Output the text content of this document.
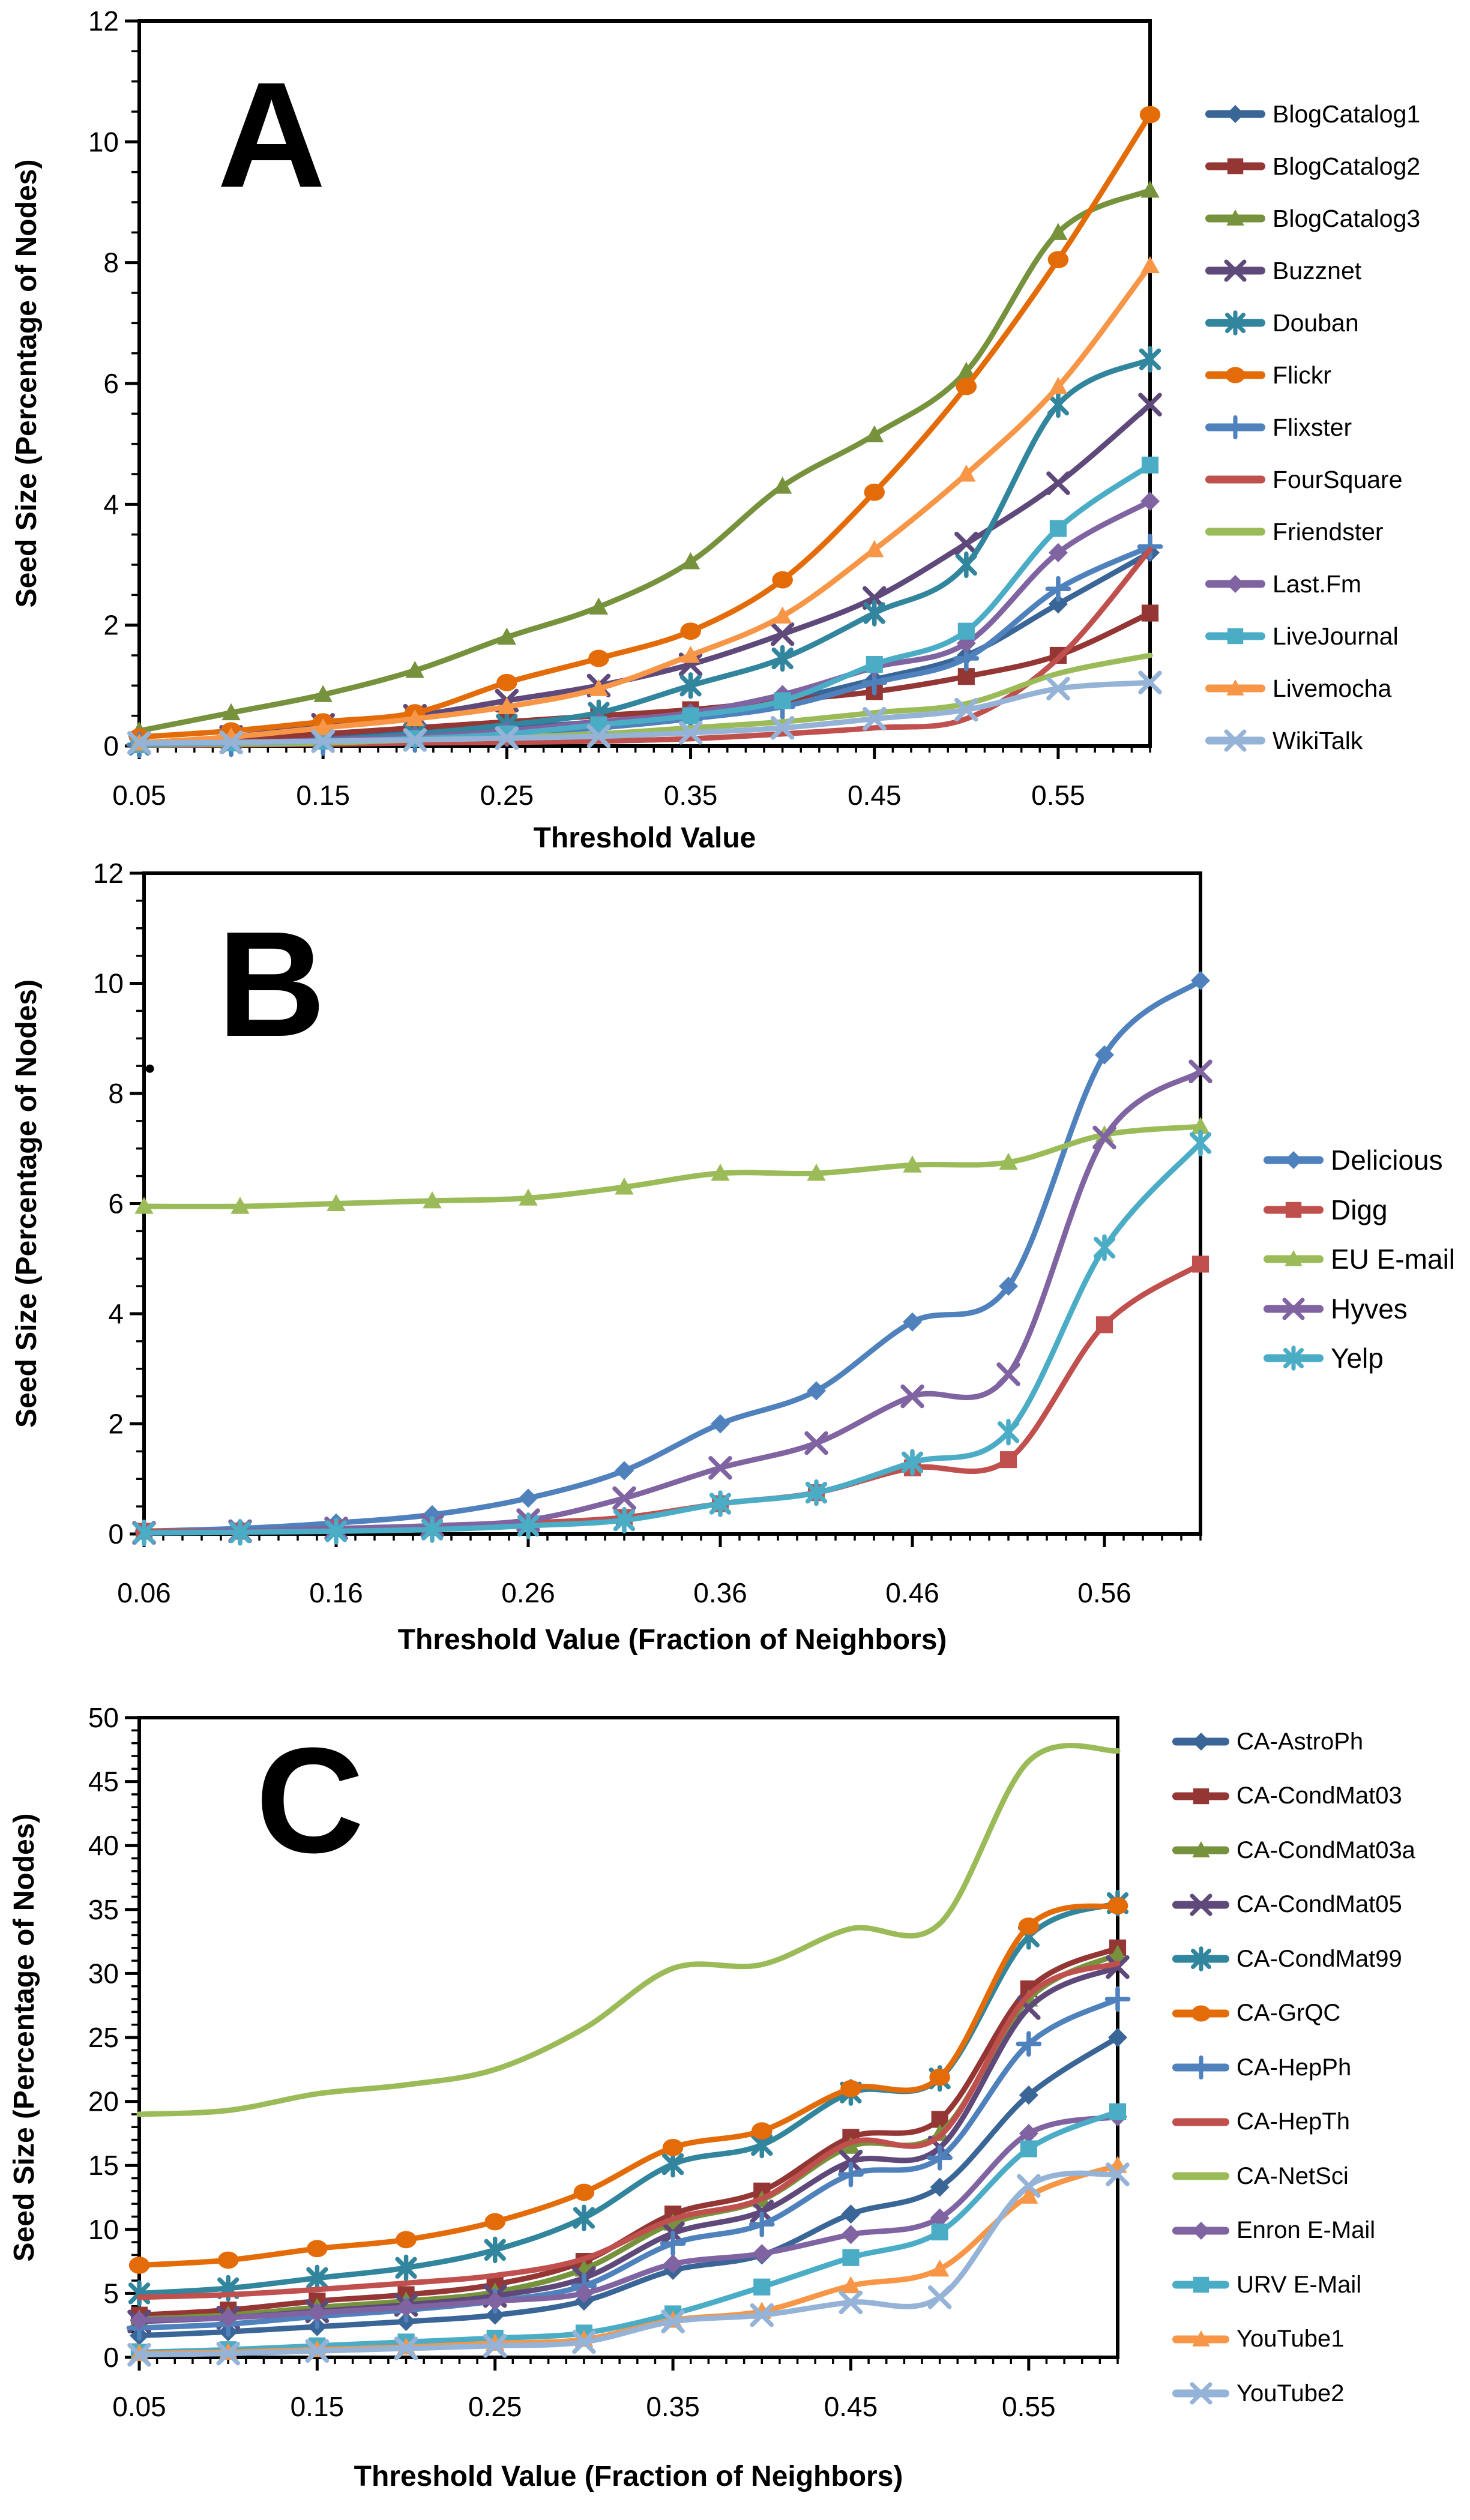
0
2
4
6
8
10
12
0.05	0.15	0.25	0.35	0.45	0.55
Threshold Value
Seed Size (Percentage of Nodes)
0
2
4
6
8
10
12
0.06	0.16	0.26	0.36	0.46	0.56
Threshold Value (Fraction of Neighbors)
Seed Size (Percentage of Nodes)
0
5
10
15
20
25
30
35
40
45
50
0.05	0.15	0.25	0.35	0.45	0.55
Threshold Value (Fraction of Neighbors)
Seed Size (Percentage of Nodes)
A	BlogCatalog1
BlogCatalog2
BlogCatalog3
Buzznet
Douban
Flickr
Flixster
FourSquare
Friendster
Last.Fm
LiveJournal
Livemocha
WikiTalk
B
Delicious
Digg
EU E-mail
Hyves
Yelp
C	CA-AstroPh
CA-CondMat03
CA-CondMat03a
CA-CondMat05
CA-CondMat99
CA-GrQC
CA-HepPh
CA-HepTh
CA-NetSci
Enron E-Mail
URV E-Mail
YouTube1
YouTube2
